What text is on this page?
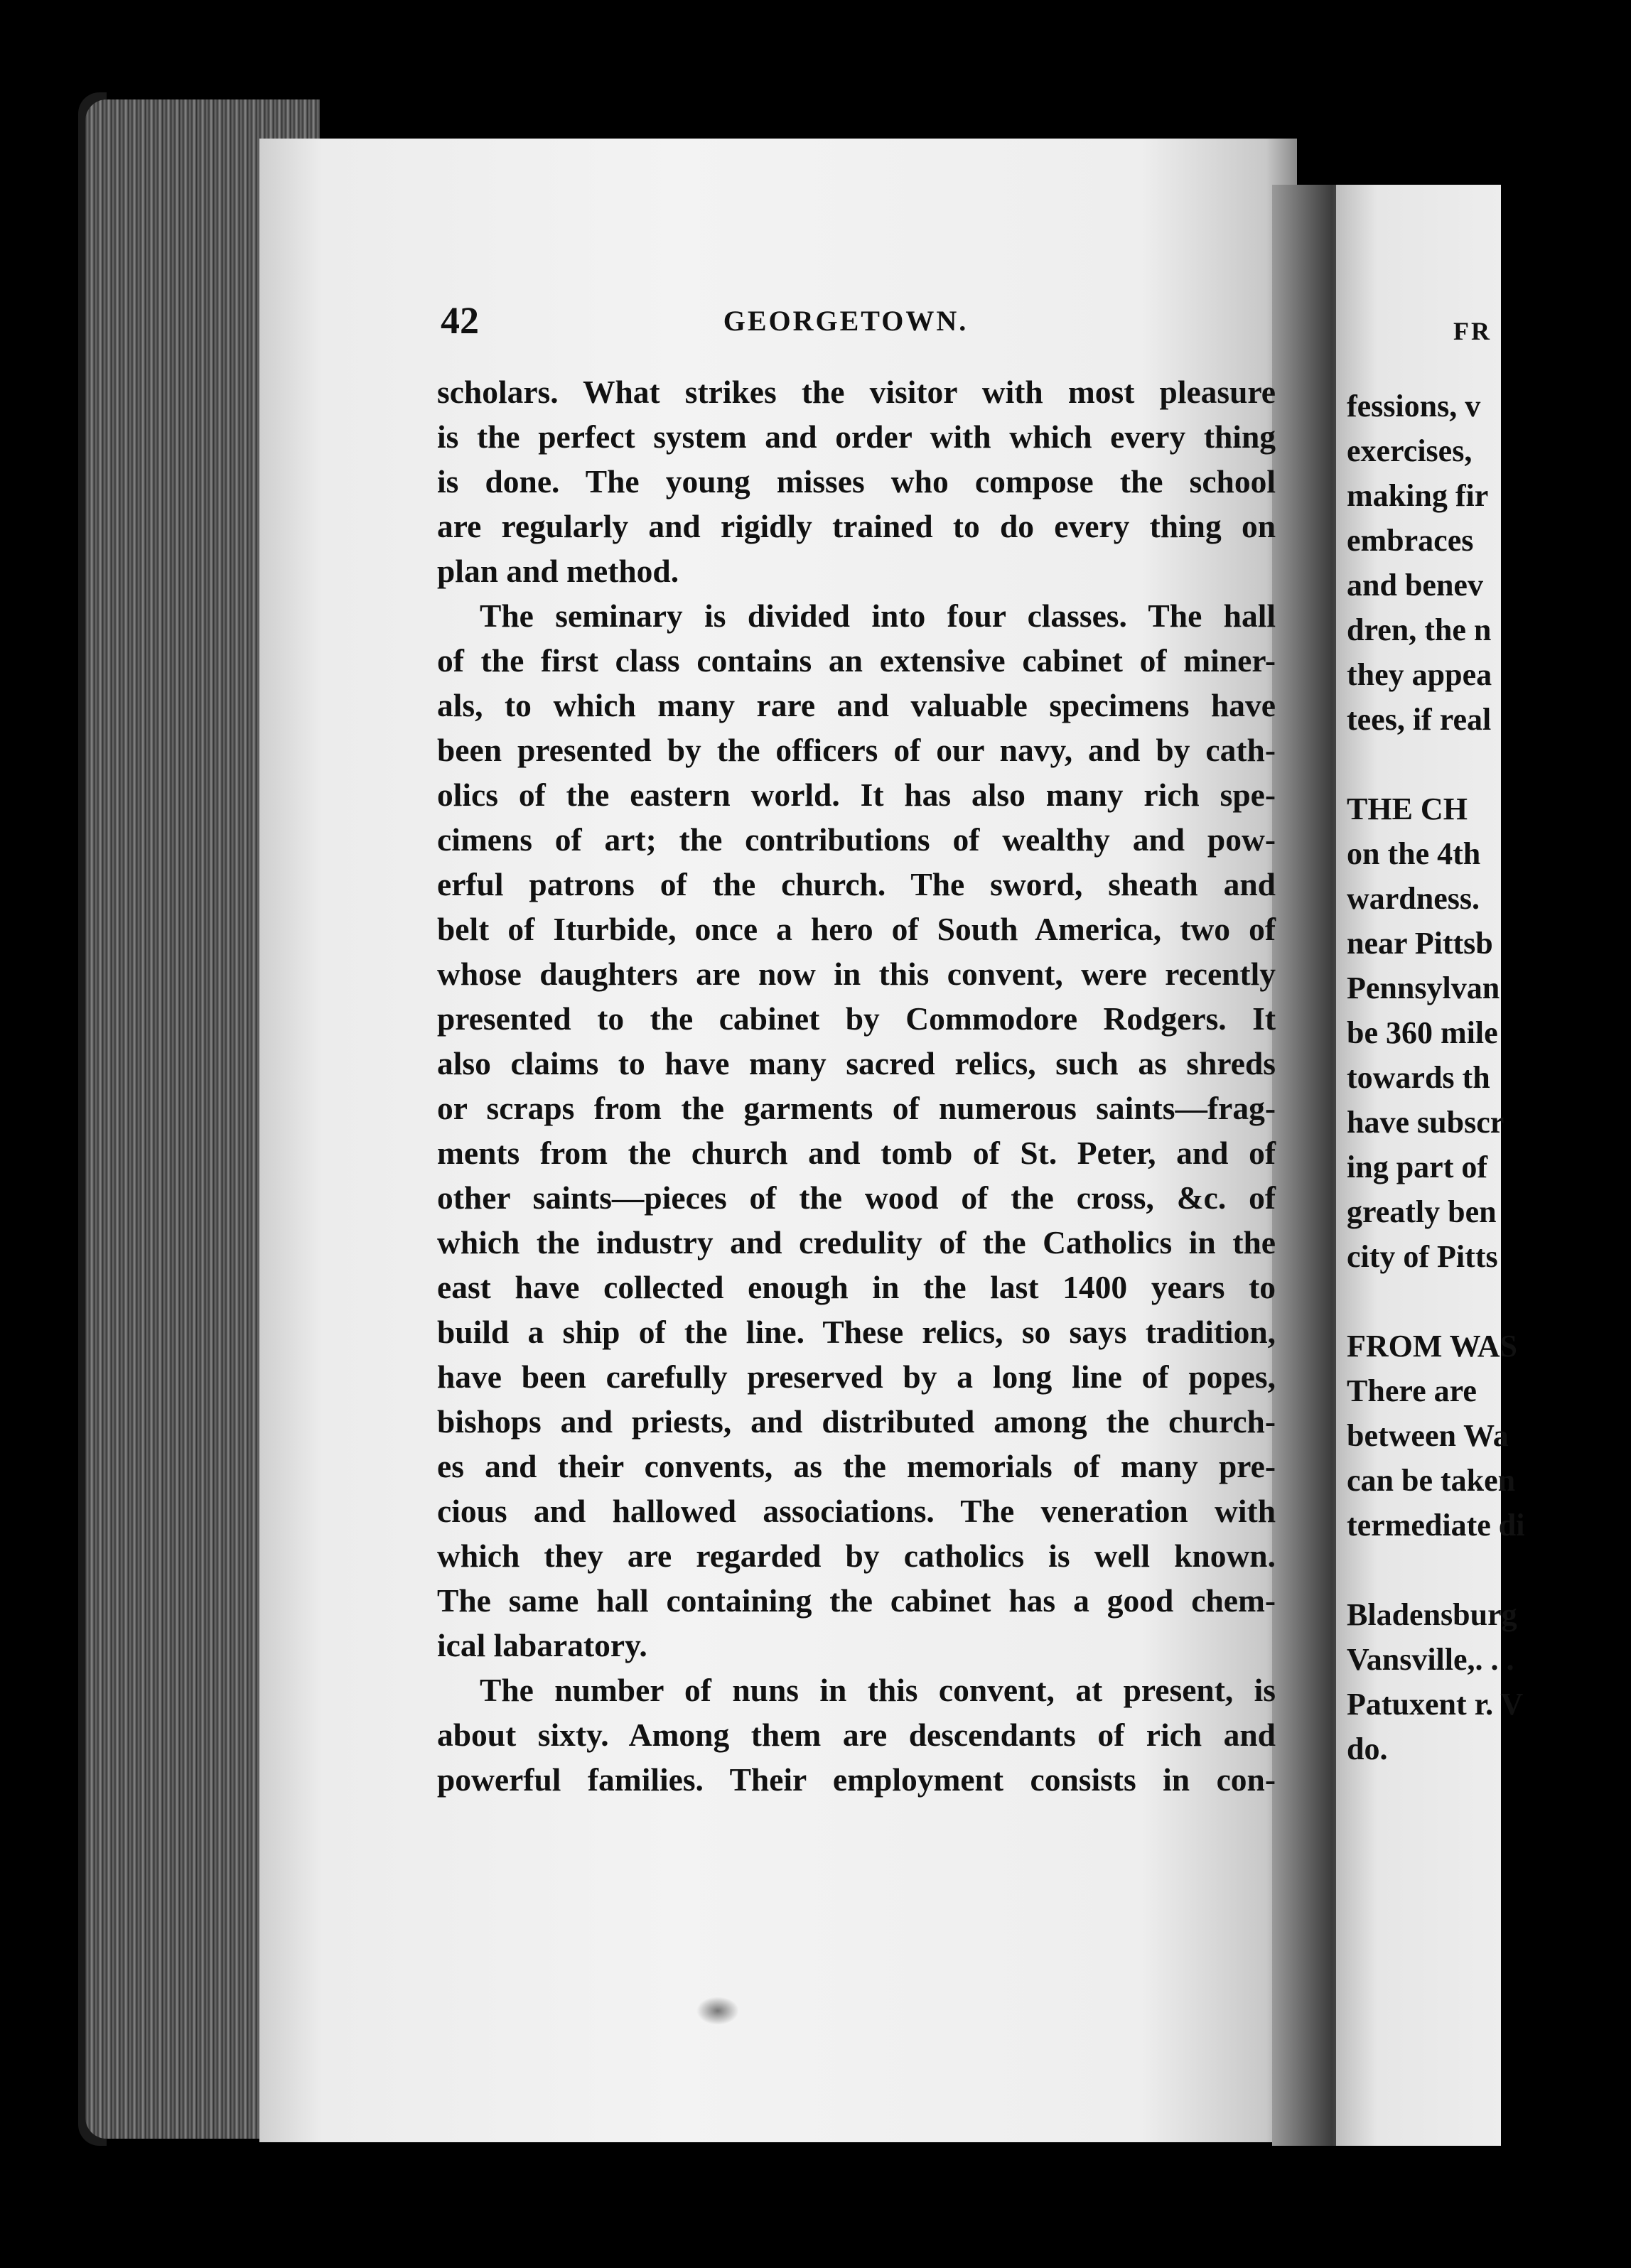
42	GEORGETOWN.
scholars. What strikes the visitor with most pleasure
is the perfect system and order with which every thing
is done. The young misses who compose the school
are regularly and rigidly trained to do every thing on
plan and method.
The seminary is divided into four classes. The hall
of the first class contains an extensive cabinet of miner-
als, to which many rare and valuable specimens have
been presented by the officers of our navy, and by cath-
olics of the eastern world. It has also many rich spe-
cimens of art; the contributions of wealthy and pow-
erful patrons of the church. The sword, sheath and
belt of Iturbide, once a hero of South America, two of
whose daughters are now in this convent, were recently
presented to the cabinet by Commodore Rodgers. It
also claims to have many sacred relics, such as shreds
or scraps from the garments of numerous saints—frag-
ments from the church and tomb of St. Peter, and of
other saints—pieces of the wood of the cross, &c. of
which the industry and credulity of the Catholics in the
east have collected enough in the last 1400 years to
build a ship of the line. These relics, so says tradition,
have been carefully preserved by a long line of popes,
bishops and priests, and distributed among the church-
es and their convents, as the memorials of many pre-
cious and hallowed associations. The veneration with
which they are regarded by catholics is well known.
The same hall containing the cabinet has a good chem-
ical labaratory.
The number of nuns in this convent, at present, is
about sixty. Among them are descendants of rich and
powerful families. Their employment consists in con-
FR
fessions, v
exercises,
making fir
embraces
and benev
dren, the n
they appea
tees, if real
THE CH
on the 4th
wardness.
near Pittsb
Pennsylvan
be 360 mile
towards th
have subscr
ing part of
greatly ben
city of Pitts
FROM WAS
There are
between Wa
can be taken
termediate di
Bladensburg
Vansville,. . .
Patuxent r. V
do.
